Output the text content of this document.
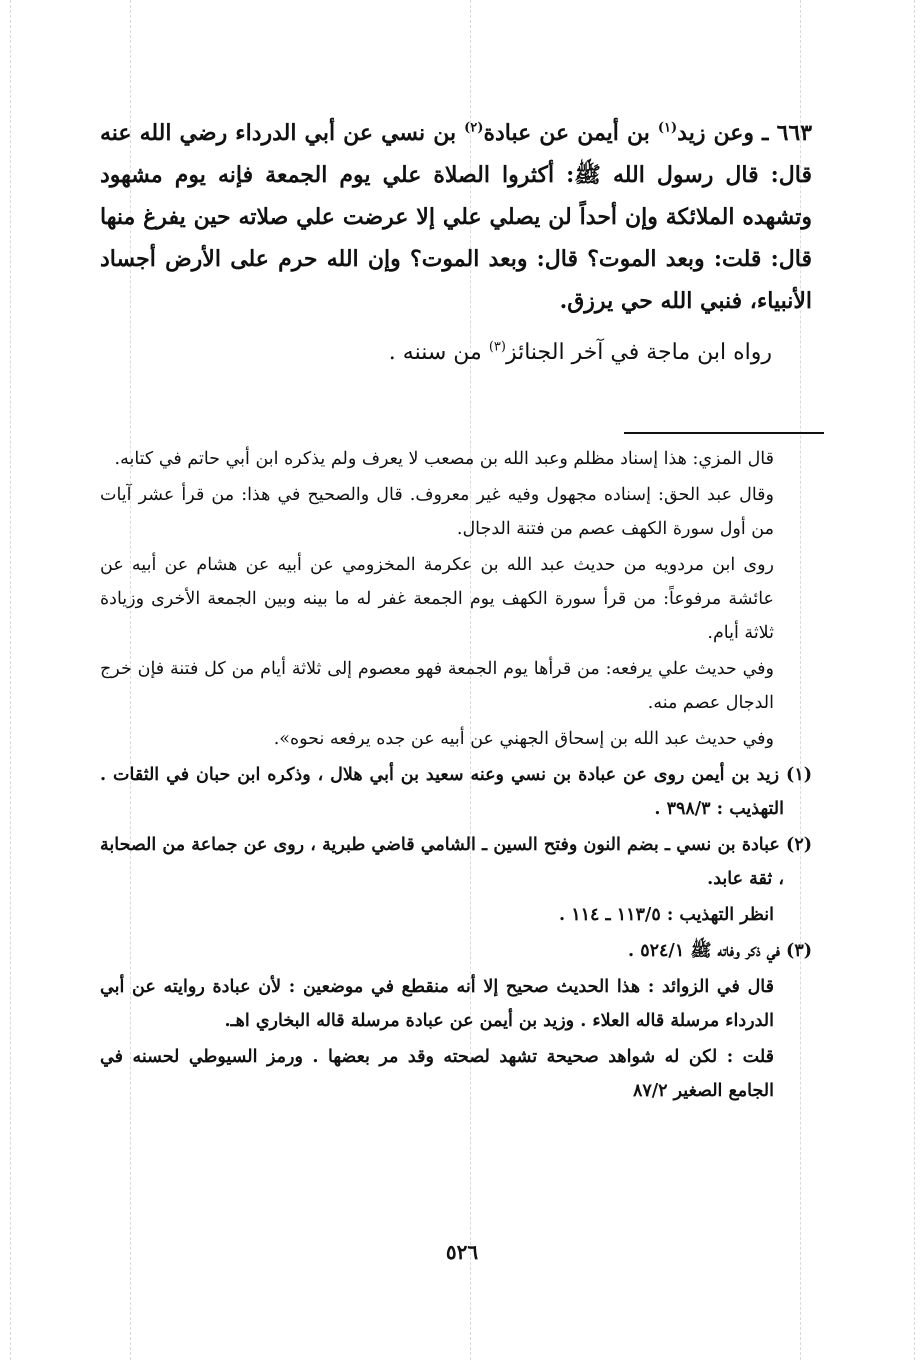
٦٦٣ ـ وعن زيد$^{(١)}$ بن أيمن عن عبادة$^{(٢)}$ بن نسي عن أبي الدرداء رضي الله عنه قال: قال رسول الله ﷺ: أكثروا الصلاة علي يوم الجمعة فإنه يوم مشهود وتشهده الملائكة وإن أحداً لن يصلي علي إلا عرضت علي صلاته حين يفرغ منها قال: قلت: وبعد الموت؟ قال: وبعد الموت؟ وإن الله حرم على الأرض أجساد الأنبياء، فنبي الله حي يرزق.

رواه ابن ماجة في آخر الجنائز$^{(٣)}$ من سننه .

قال المزي: هذا إسناد مظلم وعبد الله بن مصعب لا يعرف ولم يذكره ابن أبي حاتم في كتابه.

وقال عبد الحق: إسناده مجهول وفيه غير معروف. قال والصحيح في هذا: من قرأ عشر آيات من أول سورة الكهف عصم من فتنة الدجال.

روى ابن مردويه من حديث عبد الله بن عكرمة المخزومي عن أبيه عن هشام عن أبيه عن عائشة مرفوعاً: من قرأ سورة الكهف يوم الجمعة غفر له ما بينه وبين الجمعة الأخرى وزيادة ثلاثة أيام.

وفي حديث علي يرفعه: من قرأها يوم الجمعة فهو معصوم إلى ثلاثة أيام من كل فتنة فإن خرج الدجال عصم منه.

وفي حديث عبد الله بن إسحاق الجهني عن أبيه عن جده يرفعه نحوه».

(١) زيد بن أيمن روى عن عبادة بن نسي وعنه سعيد بن أبي هلال ، وذكره ابن حبان في الثقات . التهذيب : ٣٩٨/٣ .

(٢) عبادة بن نسي ـ بضم النون وفتح السين ـ الشامي قاضي طبرية ، روى عن جماعة من الصحابة ، ثقة عابد.

انظر التهذيب : ١١٣/٥ ـ ١١٤ .

(٣) في ذكر وفاته ﷺ ٥٢٤/١ .

قال في الزوائد : هذا الحديث صحيح إلا أنه منقطع في موضعين : لأن عبادة روايته عن أبي الدرداء مرسلة قاله العلاء . وزيد بن أيمن عن عبادة مرسلة قاله البخاري اهـ.

قلت : لكن له شواهد صحيحة تشهد لصحته وقد مر بعضها . ورمز السيوطي لحسنه في الجامع الصغير ٨٧/٢

٥٢٦
